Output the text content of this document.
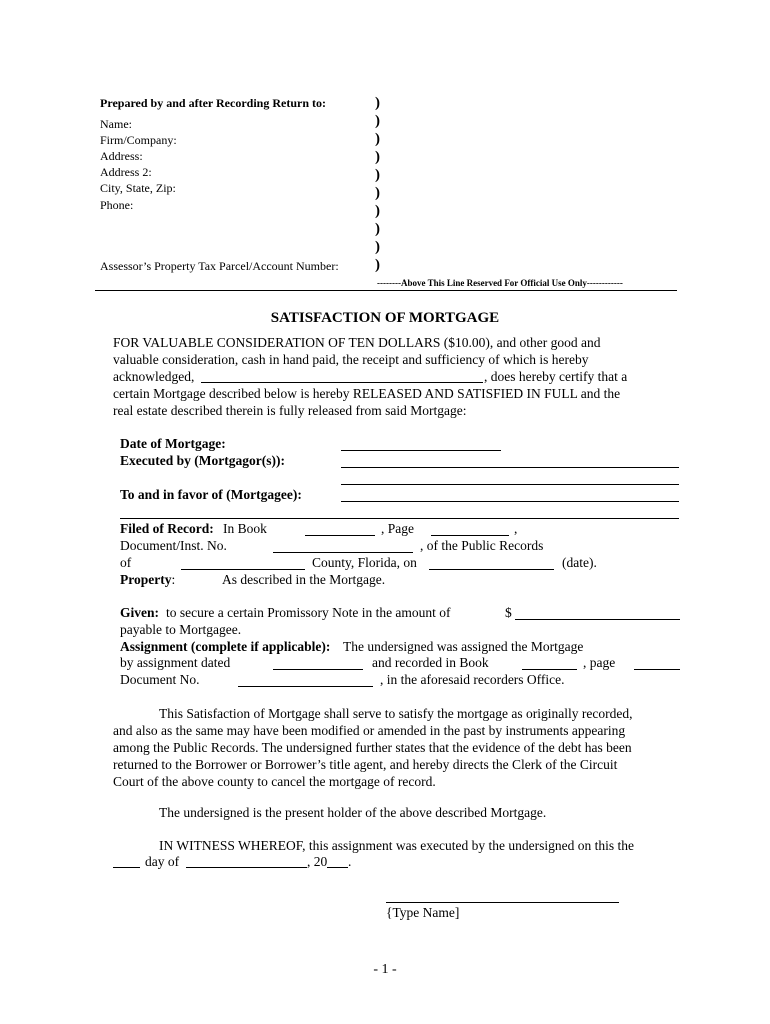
Prepared by and after Recording Return to:
Name:
Firm/Company:
Address:
Address 2:
City, State, Zip:
Phone:
Assessor’s Property Tax Parcel/Account Number:
)
)
)
)
)
)
)
)
)
)
--------Above This Line Reserved For Official Use Only------------
SATISFACTION OF MORTGAGE
FOR VALUABLE CONSIDERATION OF TEN DOLLARS ($10.00), and other good and
valuable consideration, cash in hand paid, the receipt and sufficiency of which is hereby
acknowledged,	, does hereby certify that a
certain Mortgage described below is hereby RELEASED AND SATISFIED IN FULL and the
real estate described therein is fully released from said Mortgage:
Date of Mortgage:
Executed by (Mortgagor(s)):
To and in favor of (Mortgagee):
Filed of Record: In Book	, Page	,
Document/Inst. No.	, of the Public Records
of	County, Florida, on	(date).
Property:	As described in the Mortgage.
Given: to secure a certain Promissory Note in the amount of	$
payable to Mortgagee.
Assignment (complete if applicable): The undersigned was assigned the Mortgage
by assignment dated	and recorded in Book	, page
Document No.	, in the aforesaid recorders Office.
This Satisfaction of Mortgage shall serve to satisfy the mortgage as originally recorded,
and also as the same may have been modified or amended in the past by instruments appearing
among the Public Records. The undersigned further states that the evidence of the debt has been
returned to the Borrower or Borrower’s title agent, and hereby directs the Clerk of the Circuit
Court of the above county to cancel the mortgage of record.
The undersigned is the present holder of the above described Mortgage.
IN WITNESS WHEREOF, this assignment was executed by the undersigned on this the
day of	, 20 .
{Type Name]
- 1 -
